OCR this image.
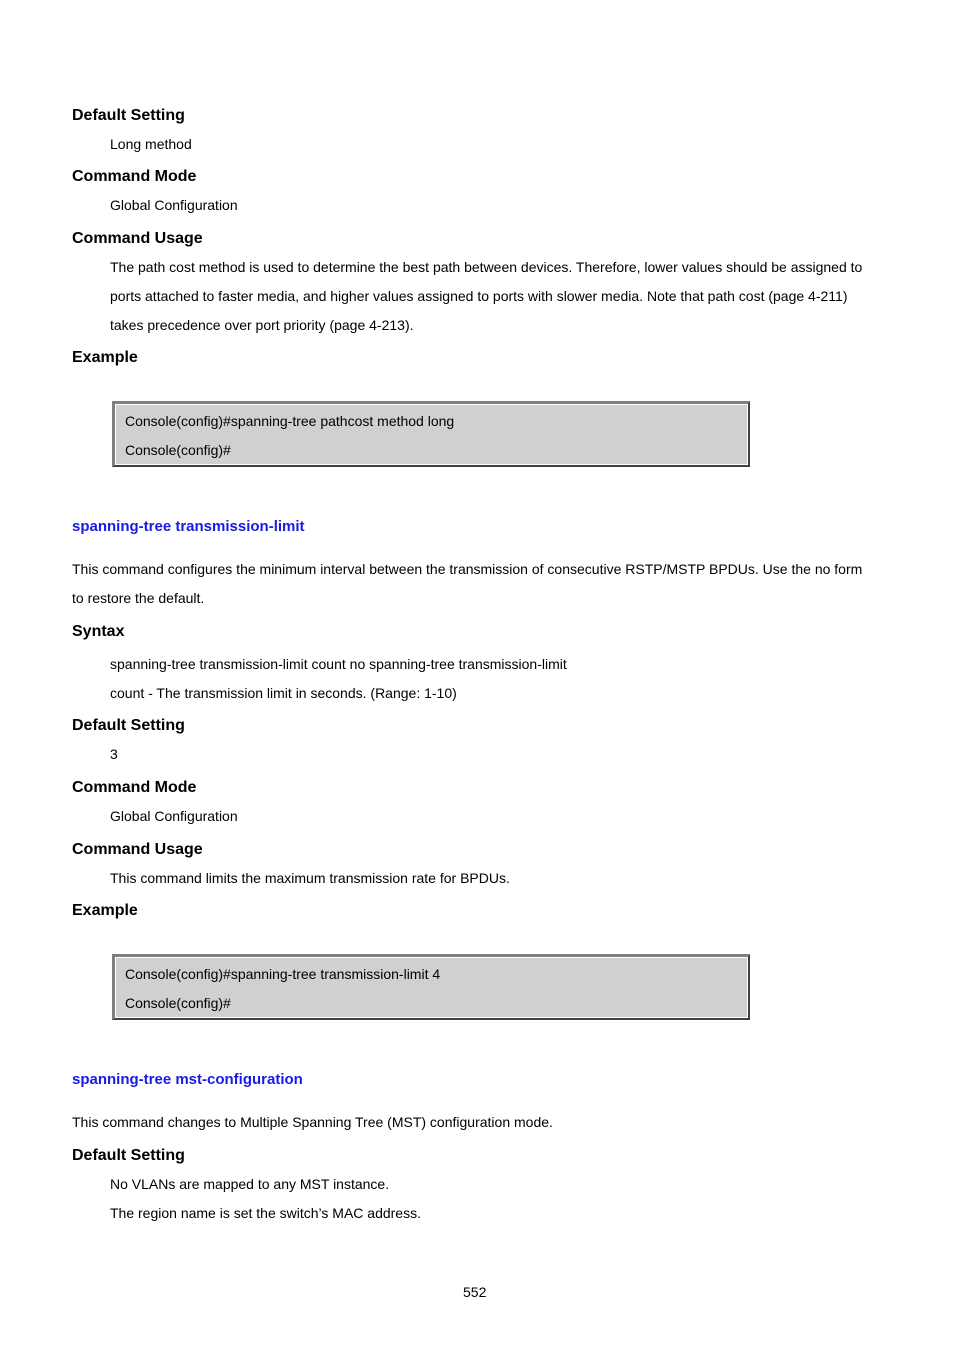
Default Setting
Long method
Command Mode
Global Configuration
Command Usage
The path cost method is used to determine the best path between devices. Therefore, lower values should be assigned to
ports attached to faster media, and higher values assigned to ports with slower media. Note that path cost (page 4-211)
takes precedence over port priority (page 4-213).
Example
Console(config)#spanning-tree pathcost method long
Console(config)#
spanning-tree transmission-limit
This command configures the minimum interval between the transmission of consecutive RSTP/MSTP BPDUs. Use the no form
to restore the default.
Syntax
spanning-tree transmission-limit count no spanning-tree transmission-limit
count - The transmission limit in seconds. (Range: 1-10)
Default Setting
3
Command Mode
Global Configuration
Command Usage
This command limits the maximum transmission rate for BPDUs.
Example
Console(config)#spanning-tree transmission-limit 4
Console(config)#
spanning-tree mst-configuration
This command changes to Multiple Spanning Tree (MST) configuration mode.
Default Setting
No VLANs are mapped to any MST instance.
The region name is set the switch’s MAC address.
552
